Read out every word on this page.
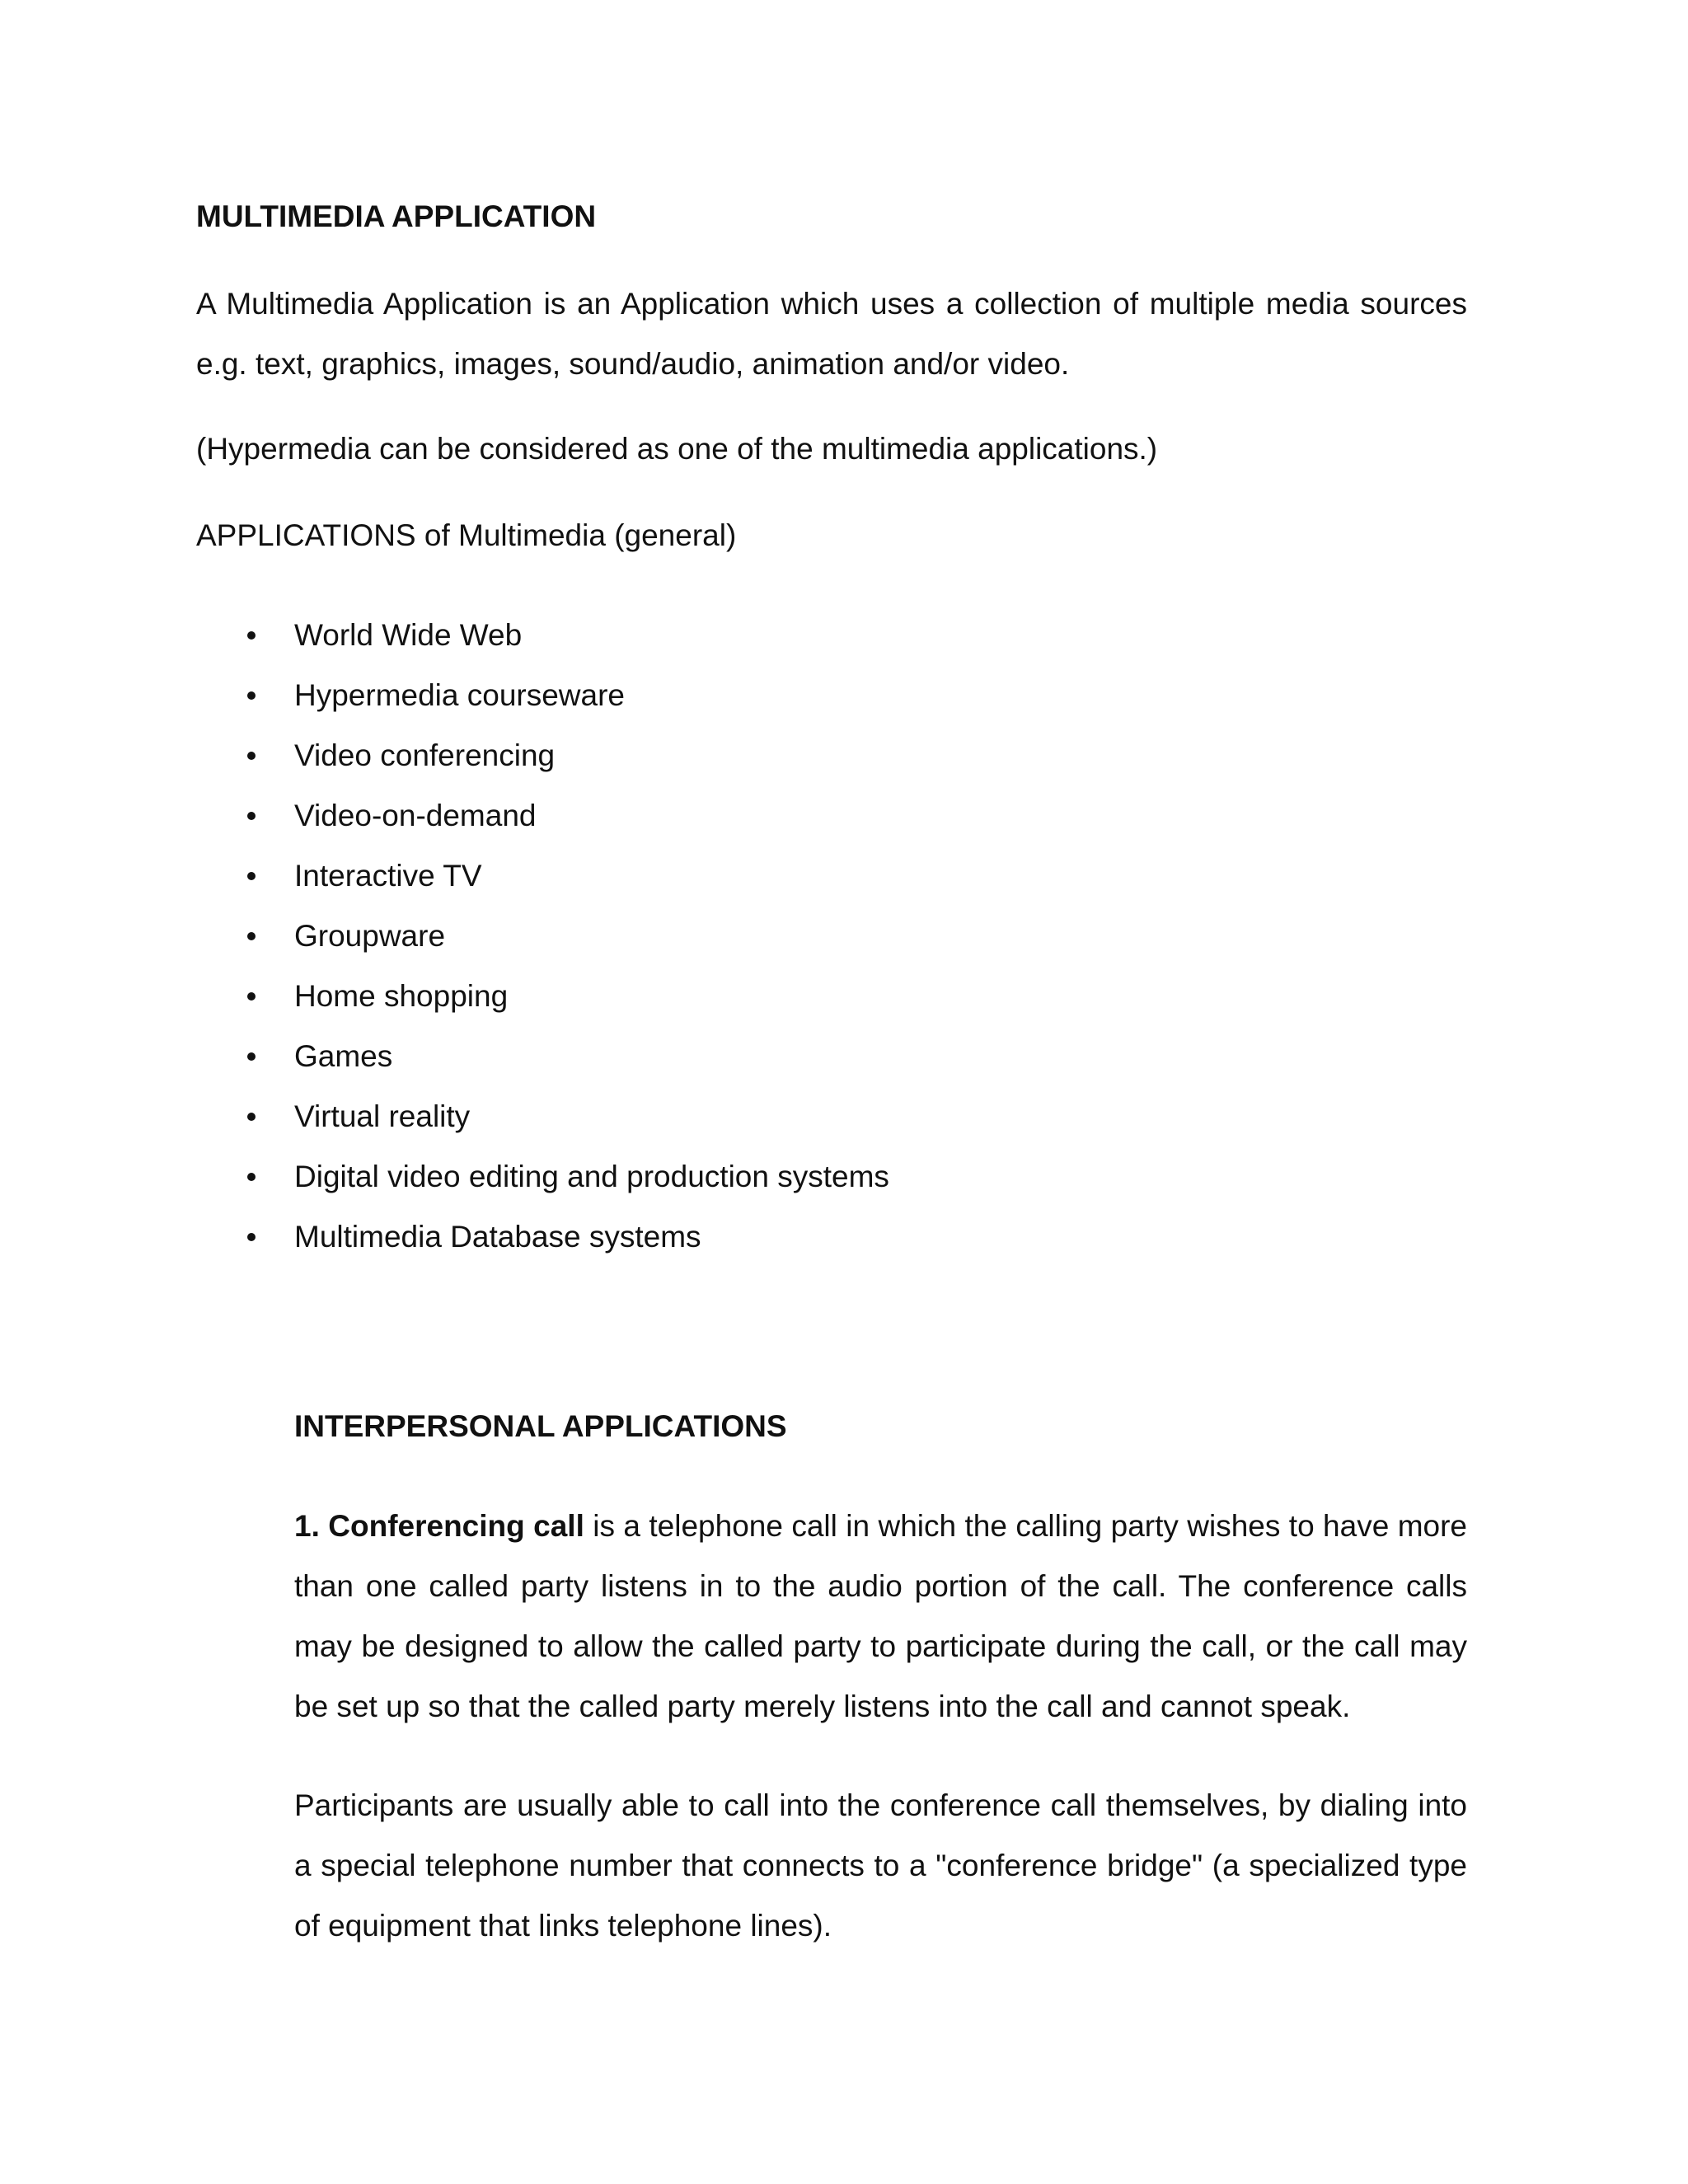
MULTIMEDIA APPLICATION

A Multimedia Application is an Application which uses a collection of multiple media sources e.g. text, graphics, images, sound/audio, animation and/or video.

(Hypermedia can be considered as one of the multimedia applications.)

APPLICATIONS of Multimedia (general)

World Wide Web
Hypermedia courseware
Video conferencing
Video-on-demand
Interactive TV
Groupware
Home shopping
Games
Virtual reality
Digital video editing and production systems
Multimedia Database systems

INTERPERSONAL APPLICATIONS

1. Conferencing call is a telephone call in which the calling party wishes to have more than one called party listens in to the audio portion of the call. The conference calls may be designed to allow the called party to participate during the call, or the call may be set up so that the called party merely listens into the call and cannot speak.

Participants are usually able to call into the conference call themselves, by dialing into a special telephone number that connects to a "conference bridge" (a specialized type of equipment that links telephone lines).
